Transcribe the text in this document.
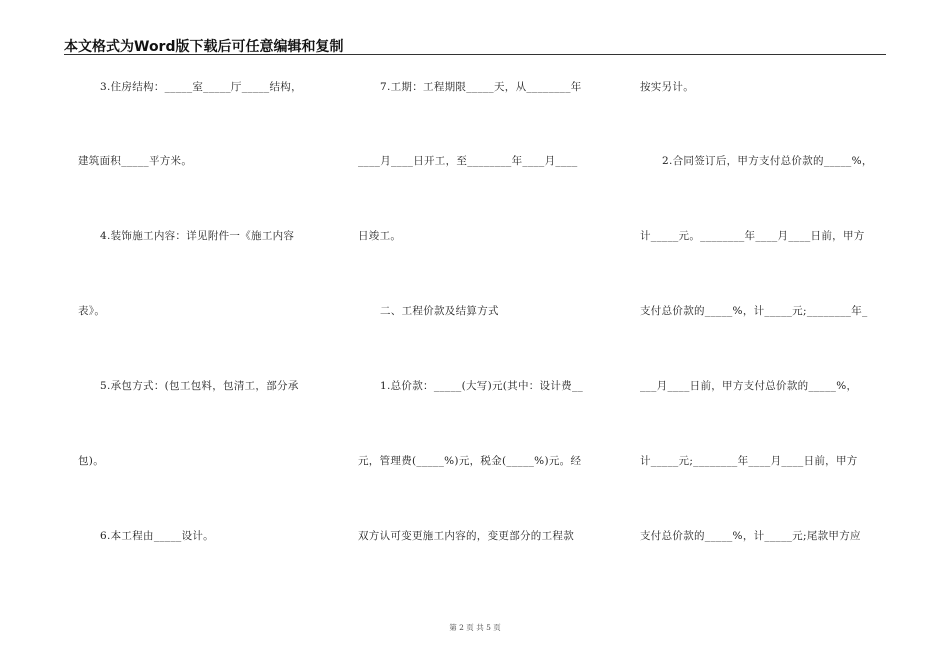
本文格式为Word版下载后可任意编辑和复制
3.住房结构：_____室_____厅_____结构，
建筑面积_____平方米。
4.装饰施工内容：详见附件一《施工内容
表》。
5.承包方式：(包工包料，包清工，部分承
包)。
6.本工程由_____设计。
7.工期：工程期限_____天，从________年
____月____日开工，至________年____月____
日竣工。
二、工程价款及结算方式
1.总价款：_____(大写)元(其中：设计费__
元，管理费(_____%)元，税金(_____%)元。经
双方认可变更施工内容的，变更部分的工程款
按实另计。
2.合同签订后，甲方支付总价款的_____%，
计_____元。________年____月____日前，甲方
支付总价款的_____%，计_____元;________年_
___月____日前，甲方支付总价款的_____%，
计_____元;________年____月____日前，甲方
支付总价款的_____%，计_____元;尾款甲方应
第 2 页 共 5 页
